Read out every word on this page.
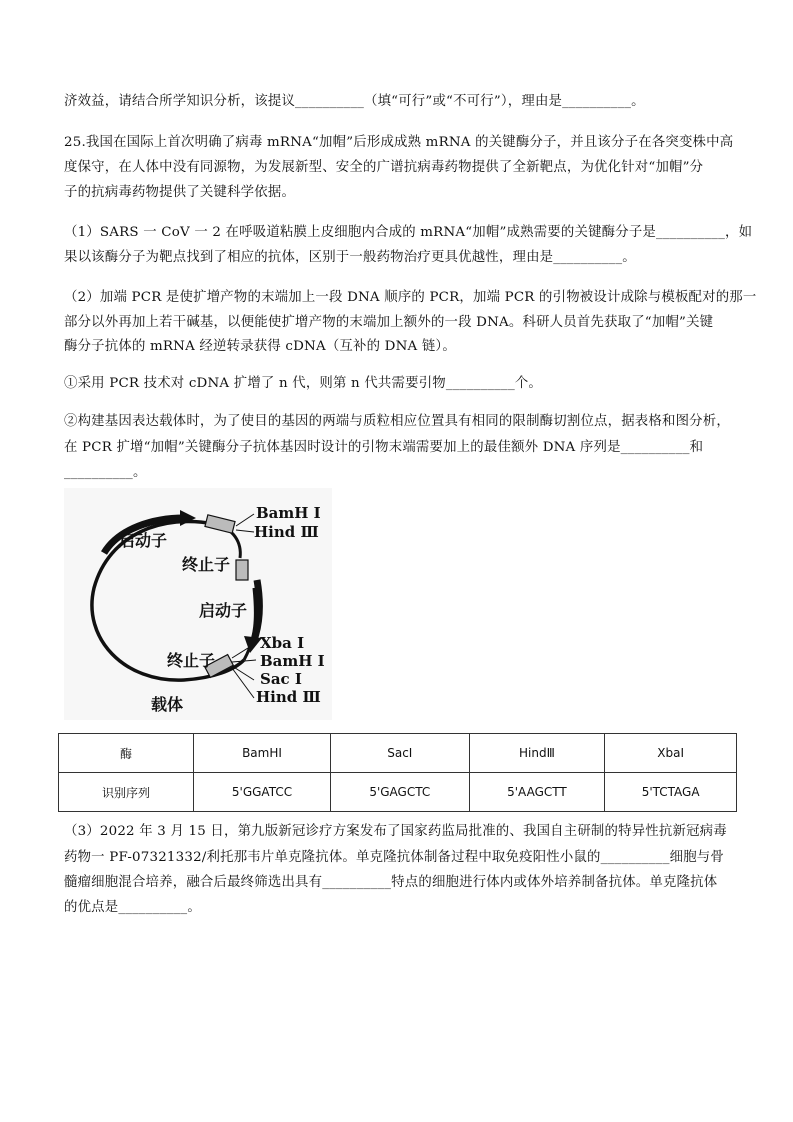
济效益，请结合所学知识分析，该提议__________（填“可行”或“不可行”），理由是__________。
25.我国在国际上首次明确了病毒 mRNA“加帽”后形成成熟 mRNA 的关键酶分子，并且该分子在各突变株中高
度保守，在人体中没有同源物，为发展新型、安全的广谱抗病毒药物提供了全新靶点，为优化针对“加帽”分
子的抗病毒药物提供了关键科学依据。
（1）SARS 一 CoV 一 2 在呼吸道粘膜上皮细胞内合成的 mRNA“加帽”成熟需要的关键酶分子是__________，如
果以该酶分子为靶点找到了相应的抗体，区别于一般药物治疗更具优越性，理由是__________。
（2）加端 PCR 是使扩增产物的末端加上一段 DNA 顺序的 PCR，加端 PCR 的引物被设计成除与模板配对的那一
部分以外再加上若干碱基，以便能使扩增产物的末端加上额外的一段 DNA。科研人员首先获取了“加帽”关键
酶分子抗体的 mRNA 经逆转录获得 cDNA（互补的 DNA 链）。
①采用 PCR 技术对 cDNA 扩增了 n 代，则第 n 代共需要引物__________个。
②构建基因表达载体时，为了使目的基因的两端与质粒相应位置具有相同的限制酶切割位点，据表格和图分析，
在 PCR 扩增“加帽”关键酶分子抗体基因时设计的引物末端需要加上的最佳额外 DNA 序列是__________和
__________。
启动子
终止子
启动子
终止子
载体
BamH I
Hind Ⅲ
Xba I
BamH I
Sac I
Hind Ⅲ
酶	BamHI	SacI	HindⅢ	XbaI
识别序列	5'GGATCC	5'GAGCTC	5'AAGCTT	5'TCTAGA
（3）2022 年 3 月 15 日，第九版新冠诊疗方案发布了国家药监局批准的、我国自主研制的特异性抗新冠病毒
药物一 PF-07321332/利托那韦片单克隆抗体。单克隆抗体制备过程中取免疫阳性小鼠的__________细胞与骨
髓瘤细胞混合培养，融合后最终筛选出具有__________特点的细胞进行体内或体外培养制备抗体。单克隆抗体
的优点是__________。
